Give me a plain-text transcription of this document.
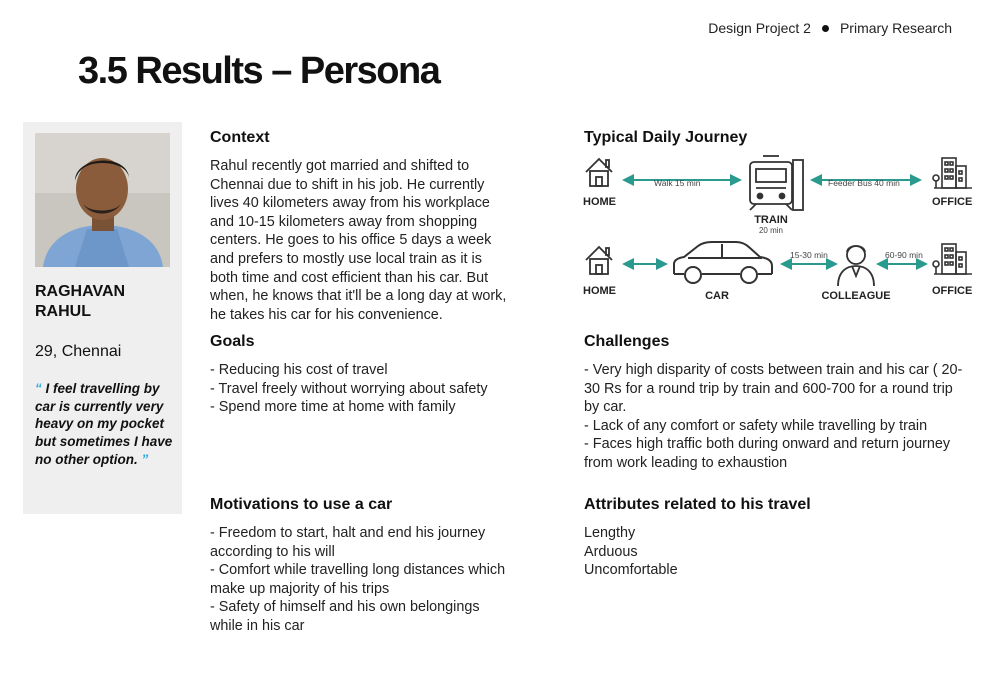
Design Project 2 Primary Research
3.5 Results – Persona
RAGHAVAN
RAHUL
29, Chennai
“ I feel travelling by car is currently very heavy on my pocket but sometimes I have no other option. ”
Context

Rahul recently got married and shifted to Chennai due to shift in his job. He currently lives 40 kilometers away from his workplace and 10-15 kilometers away from shopping centers. He goes to his office 5 days a week and prefers to mostly use local train as it is both time and cost efficient than his car. But when, he knows that it'll be a long day at work, he takes his car for his convenience.

Goals
- Reducing his cost of travel
- Travel freely without worrying about safety
- Spend more time at home with family
Motivations to use a car
- Freedom to start, halt and end his journey according to his will
- Comfort while travelling long distances which make up majority of his trips
- Safety of himself and his own belongings while in his car
Typical Daily Journey
HOME
Walk 15 min
TRAIN
20 min
Feeder Bus 40 min
OFFICE
HOME	CAR
15-30 min
COLLEAGUE
60-90 min
OFFICE
Challenges
- Very high disparity of costs between train and his car ( 20-30 Rs for a round trip by train and 600-700 for a round trip by car.
- Lack of any comfort or safety while travelling by train
- Faces high traffic both during onward and return journey from work leading to exhaustion
Attributes related to his travel
Lengthy
Arduous
Uncomfortable
